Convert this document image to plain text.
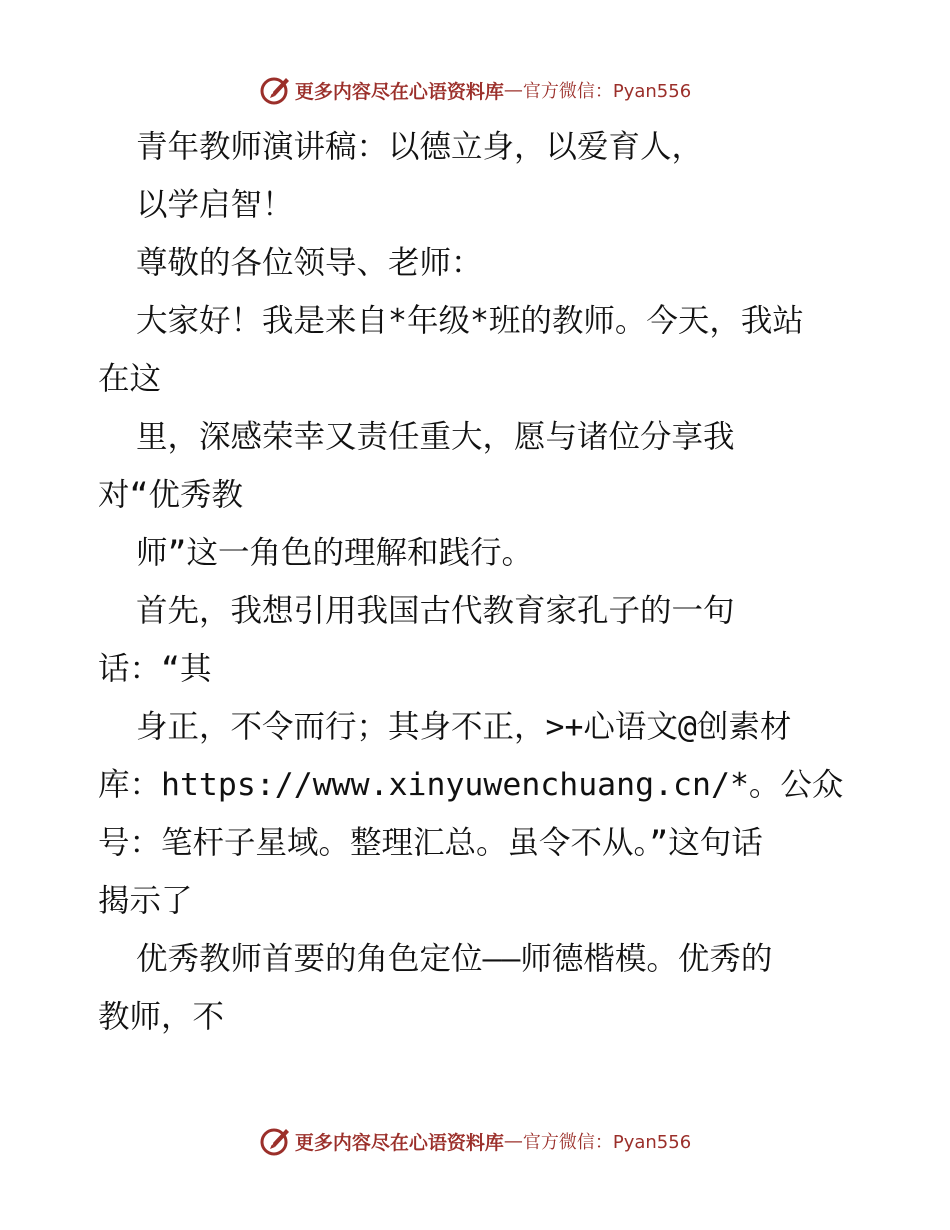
更多内容尽在心语资料库 — 官方微信：Pyan556
青年教师演讲稿：以德立身，以爱育人，
以学启智！
尊敬的各位领导、老师：
大家好！我是来自*年级*班的教师。今天，我站
在这
里，深感荣幸又责任重大，愿与诸位分享我
对“优秀教
师”这一角色的理解和践行。
首先，我想引用我国古代教育家孔子的一句
话：“其
身正，不令而行；其身不正，>+心语文@创素材
库：https://www.xinyuwenchuang.cn/*。公众
号：笔杆子星域。整理汇总。虽令不从。”这句话
揭示了
优秀教师首要的角色定位——师德楷模。优秀的
教师，不
更多内容尽在心语资料库 — 官方微信：Pyan556
